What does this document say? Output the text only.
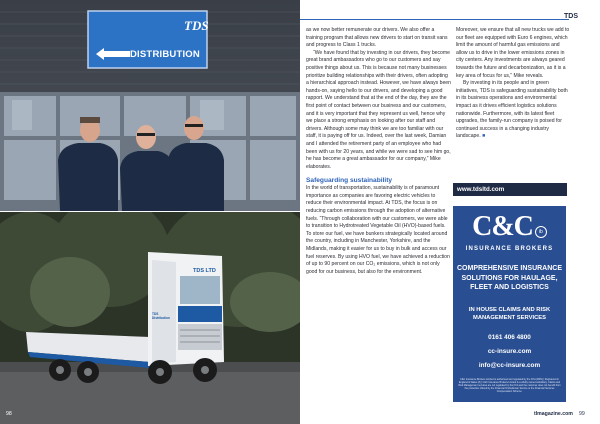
DISTRIBUTION
TDS
TDS LTD
TDS Distribution
TDS

as we now better remunerate our drivers. We also offer a training program that allows new drivers to start on transit vans and progress to Class 1 trucks.

“We have found that by investing in our drivers, they become great brand ambassadors who go to our customers and say positive things about us. This is because not many businesses prioritize building relationships with their drivers, often adopting a hierarchical approach instead. However, we have always been hands-on, saying hello to our drivers, and developing a good rapport. We understand that at the end of the day, they are the first point of contact between our business and our customers, and it is very important that they represent us well, hence why we place a strong emphasis on looking after our staff and drivers. Although some may think we are too familiar with our staff, it is paying off for us. Indeed, over the last week, Damian and I attended the retirement party of an employee who had been with us for 20 years, and while we were sad to see him go, he has become a great ambassador for our company,” Mike elaborates.

Safeguarding sustainability

In the world of transportation, sustainability is of paramount importance as companies are favoring electric vehicles to reduce their environmental impact. At TDS, the focus is on reducing carbon emissions through the adoption of alternative fuels. “Through collaboration with our customers, we were able to transition to Hydrotreated Vegetable Oil (HVO)-based fuels. To store our fuel, we have bunkers strategically located around the country, including in Manchester, Yorkshire, and the Midlands, making it easier for us to buy in bulk and access our fuel reserves. By using HVO fuel, we have achieved a reduction of up to 90 percent on our CO₂ emissions, which is not only good for our business, but also for the environment.

Moreover, we ensure that all new trucks we add to our fleet are equipped with Euro 6 engines, which limit the amount of harmful gas emissions and allow us to drive in the lower emissions zones in city centers. Any investments are always geared towards the future and decarbonization, as it is a key area of focus for us,” Mike reveals.

By investing in its people and in green initiatives, TDS is safeguarding sustainability both in its business operations and environmental impact as it drives efficient logistics solutions nationwide. Furthermore, with its latest fleet upgrades, the family-run company is poised for continued success in a changing industry landscape. ■

www.tdsltd.com
C&C ib
INSURANCE BROKERS
COMPREHENSIVE INSURANCE SOLUTIONS FOR HAULAGE, FLEET AND LOGISTICS
IN HOUSE CLAIMS AND RISK MANAGEMENT SERVICES
0161 406 4800
cc-insure.com
info@cc-insure.com
C&C Insurance Brokers Limited is authorised and regulated by the FCA (FRN) | Registered in England & Wales (#) | C&C Insurance Brokers Limited is a wholly owned subsidiary. Claims and Risk Management services are not regulated by the FCA and the customer does not benefit from the protection offered by the Financial Ombudsman Service or the Financial Services Compensation Scheme.
98	tlmagazine.com 99
